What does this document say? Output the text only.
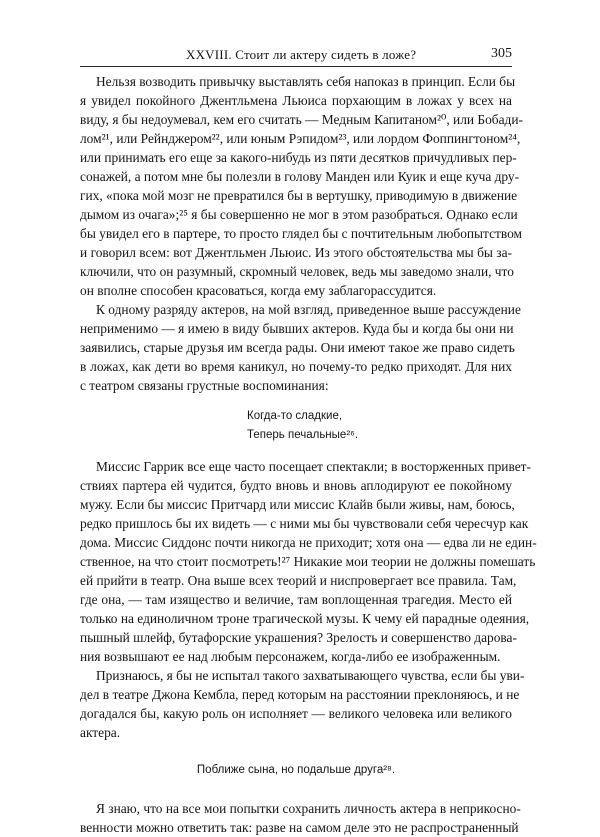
XXVIII. Стоит ли актеру сидеть в ложе?	305
Нельзя возводить привычку выставлять себя напоказ в принцип. Если бы
я увидел покойного Джентльмена Льюиса порхающим в ложах у всех на
виду, я бы недоумевал, кем его считать — Медным Капитаном²⁰, или Бобади-
лом²¹, или Рейнджером²², или юным Рэпидом²³, или лордом Фоппингтоном²⁴,
или принимать его еще за какого-нибудь из пяти десятков причудливых пер-
сонажей, а потом мне бы полезли в голову Манден или Куик и еще куча дру-
гих, «пока мой мозг не превратился бы в вертушку, приводимую в движение
дымом из очага»;²⁵ я бы совершенно не мог в этом разобраться. Однако если
бы увидел его в партере, то просто глядел бы с почтительным любопытством
и говорил всем: вот Джентльмен Льюис. Из этого обстоятельства мы бы за-
ключили, что он разумный, скромный человек, ведь мы заведомо знали, что
он вполне способен красоваться, когда ему заблагорассудится.
К одному разряду актеров, на мой взгляд, приведенное выше рассуждение
неприменимо — я имею в виду бывших актеров. Куда бы и когда бы они ни
заявились, старые друзья им всегда рады. Они имеют такое же право сидеть
в ложах, как дети во время каникул, но почему-то редко приходят. Для них
с театром связаны грустные воспоминания:
Когда-то сладкие,
Теперь печальные²⁶.
Миссис Гаррик все еще часто посещает спектакли; в восторженных привет-
ствиях партера ей чудится, будто вновь и вновь аплодируют ее покойному
мужу. Если бы миссис Притчард или миссис Клайв были живы, нам, боюсь,
редко пришлось бы их видеть — с ними мы бы чувствовали себя чересчур как
дома. Миссис Сиддонс почти никогда не приходит; хотя она — едва ли не един-
ственное, на что стоит посмотреть!²⁷ Никакие мои теории не должны помешать
ей прийти в театр. Она выше всех теорий и ниспровергает все правила. Там,
где она, — там изящество и величие, там воплощенная трагедия. Место ей
только на единоличном троне трагической музы. К чему ей парадные одеяния,
пышный шлейф, бутафорские украшения? Зрелость и совершенство дарова-
ния возвышают ее над любым персонажем, когда-либо ее изображенным.
Признаюсь, я бы не испытал такого захватывающего чувства, если бы уви-
дел в театре Джона Кембла, перед которым на расстоянии преклоняюсь, и не
догадался бы, какую роль он исполняет — великого человека или великого
актера.
Поближе сына, но подальше друга²⁸.
Я знаю, что на все мои попытки сохранить личность актера в неприкосно-
венности можно ответить так: разве на самом деле это не распространенный
